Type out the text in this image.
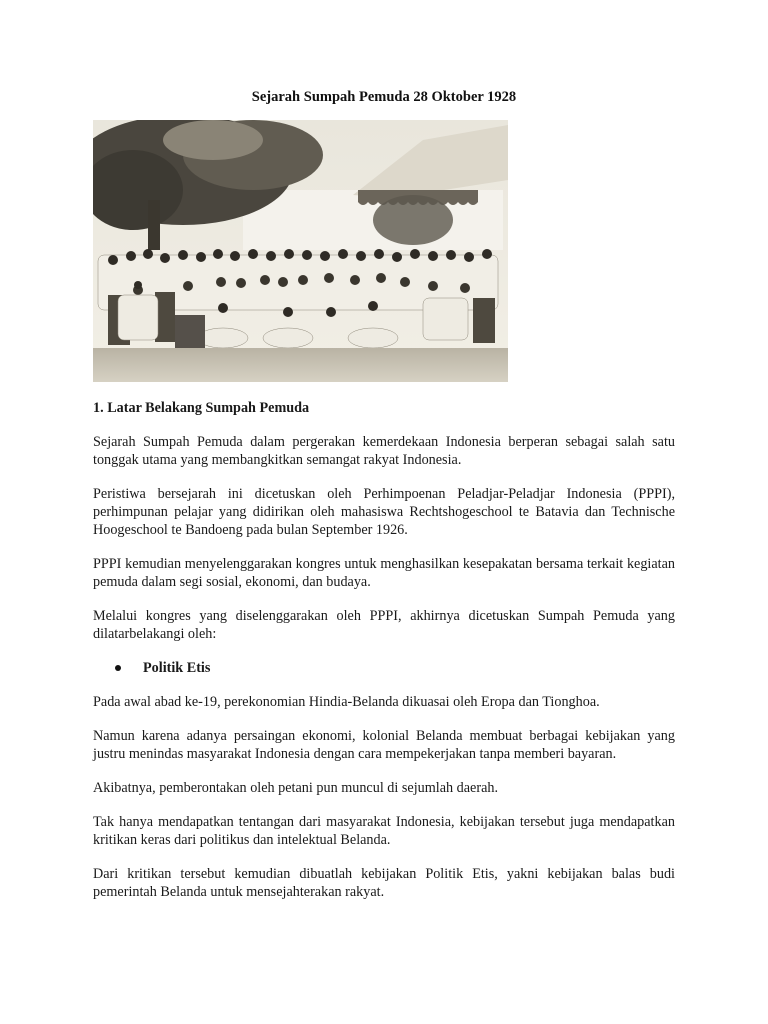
Sejarah Sumpah Pemuda 28 Oktober 1928
1. Latar Belakang Sumpah Pemuda

Sejarah Sumpah Pemuda dalam pergerakan kemerdekaan Indonesia berperan sebagai salah satu tonggak utama yang membangkitkan semangat rakyat Indonesia.

Peristiwa bersejarah ini dicetuskan oleh Perhimpoenan Peladjar-Peladjar Indonesia (PPPI), perhimpunan pelajar yang didirikan oleh mahasiswa Rechtshogeschool te Batavia dan Technische Hoogeschool te Bandoeng pada bulan September 1926.

PPPI kemudian menyelenggarakan kongres untuk menghasilkan kesepakatan bersama terkait kegiatan pemuda dalam segi sosial, ekonomi, dan budaya.

Melalui kongres yang diselenggarakan oleh PPPI, akhirnya dicetuskan Sumpah Pemuda yang dilatarbelakangi oleh:

Politik Etis

Pada awal abad ke-19, perekonomian Hindia-Belanda dikuasai oleh Eropa dan Tionghoa.

Namun karena adanya persaingan ekonomi, kolonial Belanda membuat berbagai kebijakan yang justru menindas masyarakat Indonesia dengan cara mempekerjakan tanpa memberi bayaran.

Akibatnya, pemberontakan oleh petani pun muncul di sejumlah daerah.

Tak hanya mendapatkan tentangan dari masyarakat Indonesia, kebijakan tersebut juga mendapatkan kritikan keras dari politikus dan intelektual Belanda.

Dari kritikan tersebut kemudian dibuatlah kebijakan Politik Etis, yakni kebijakan balas budi pemerintah Belanda untuk mensejahterakan rakyat.
